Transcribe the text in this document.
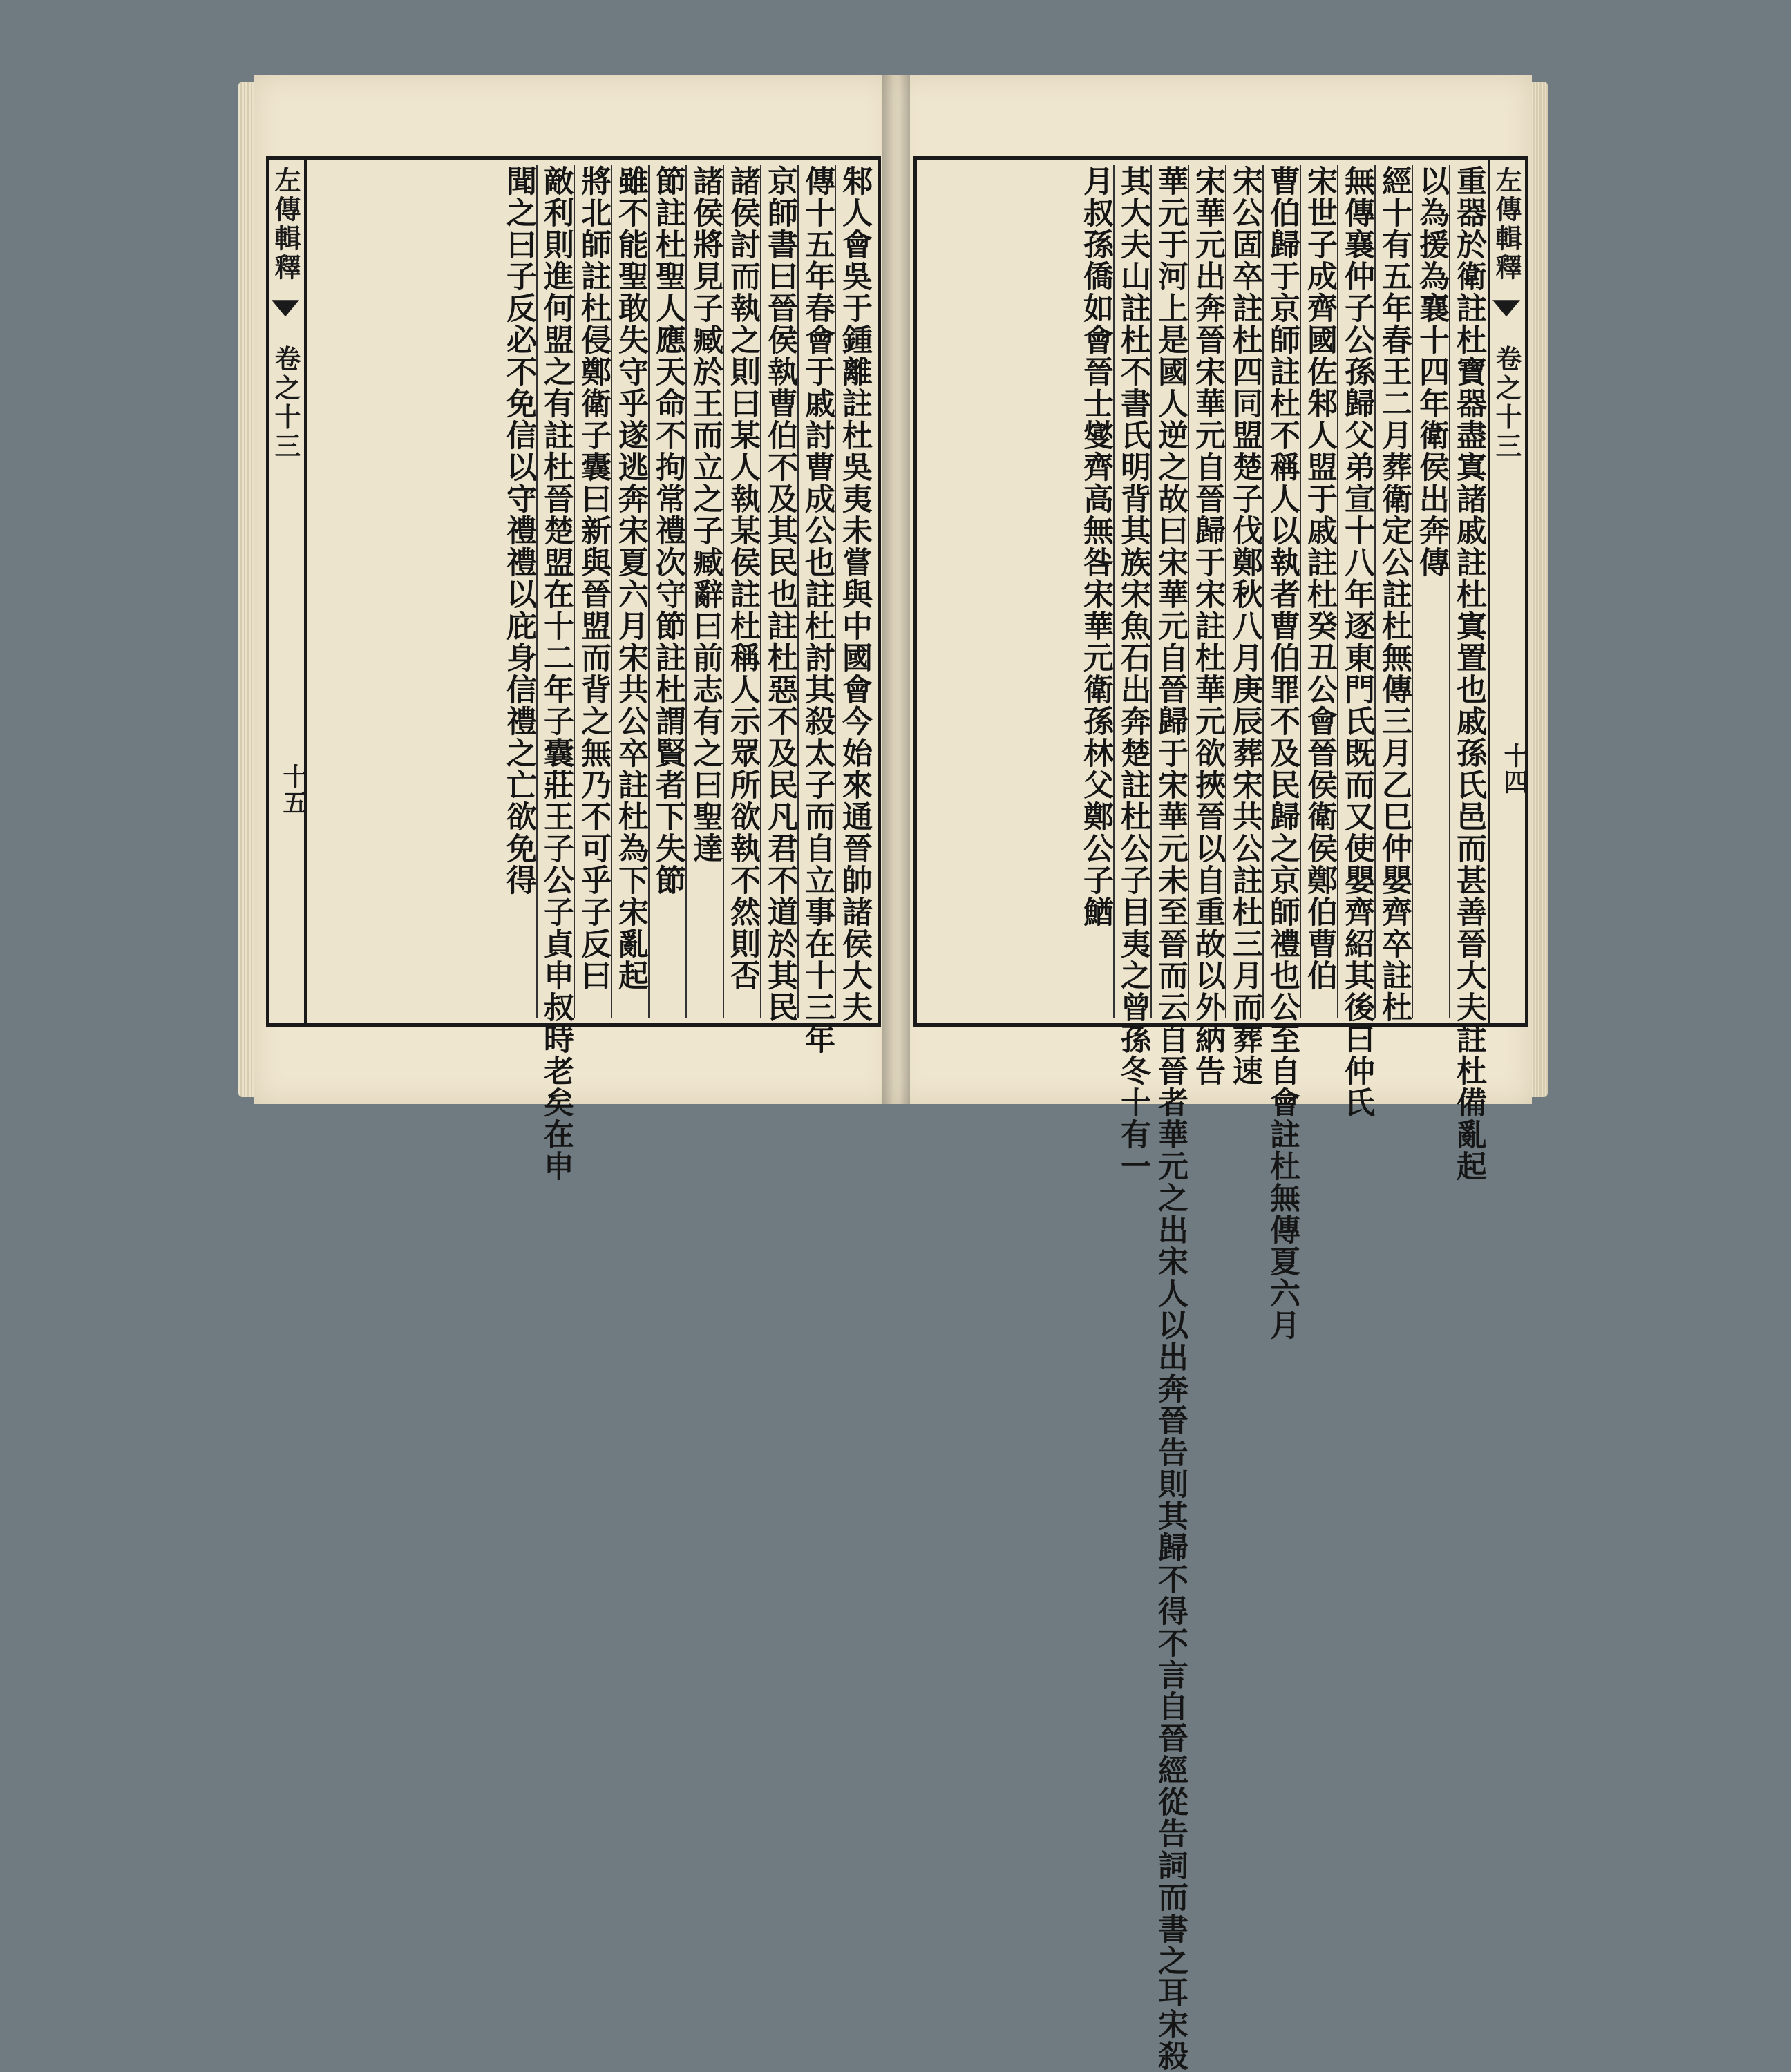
左傳輯釋  卷之十三
十五	邾人會吳于鍾離註杜吳夷未嘗與中國會今始來通晉帥諸侯大夫
傳十五年春會于戚討曹成公也註杜討其殺太子而自立事在十三年
京師書曰晉侯執曹伯不及其民也註杜惡不及民凡君不道於其民
諸侯討而執之則曰某人執某侯註杜稱人示眾所欲執不然則否
諸侯將見子臧於王而立之子臧辭曰前志有之曰聖達
節註杜聖人應天命不拘常禮次守節註杜謂賢者下失節
雖不能聖敢失守乎遂逃奔宋夏六月宋共公卒註杜為下宋亂起
將北師註杜侵鄭衛子囊曰新與晉盟而背之無乃不可乎子反曰
敵利則進何盟之有註杜晉楚盟在十二年子囊莊王子公子貞申叔時老矣在申
聞之曰子反必不免信以守禮禮以庇身信禮之亡欲免得	左傳輯釋  卷之十三
十四
重器於衛註杜寶器盡寘諸戚註杜寘置也戚孫氏邑而甚善晉大夫註杜備亂起
以為援為襄十四年衛侯出奔傳
經十有五年春王二月葬衛定公註杜無傳三月乙巳仲嬰齊卒註杜
無傳襄仲子公孫歸父弟宣十八年逐東門氏既而又使嬰齊紹其後曰仲氏
宋世子成齊國佐邾人盟于戚註杜癸丑公會晉侯衛侯鄭伯曹伯
曹伯歸于京師註杜不稱人以執者曹伯罪不及民歸之京師禮也公至自會註杜無傳夏六月
宋公固卒註杜四同盟楚子伐鄭秋八月庚辰葬宋共公註杜三月而葬速
宋華元出奔晉宋華元自晉歸于宋註杜華元欲挾晉以自重故以外納告
華元于河上是國人逆之故曰宋華元自晉歸于宋華元未至晉而云自晉者華元之出宋人以出奔晉告則其歸不得不言自晉經從告詞而書之耳宋殺
其大夫山註杜不書氏明背其族宋魚石出奔楚註杜公子目夷之曾孫冬十有一
月叔孫僑如會晉士燮齊高無咎宋華元衛孫林父鄭公子鰌
